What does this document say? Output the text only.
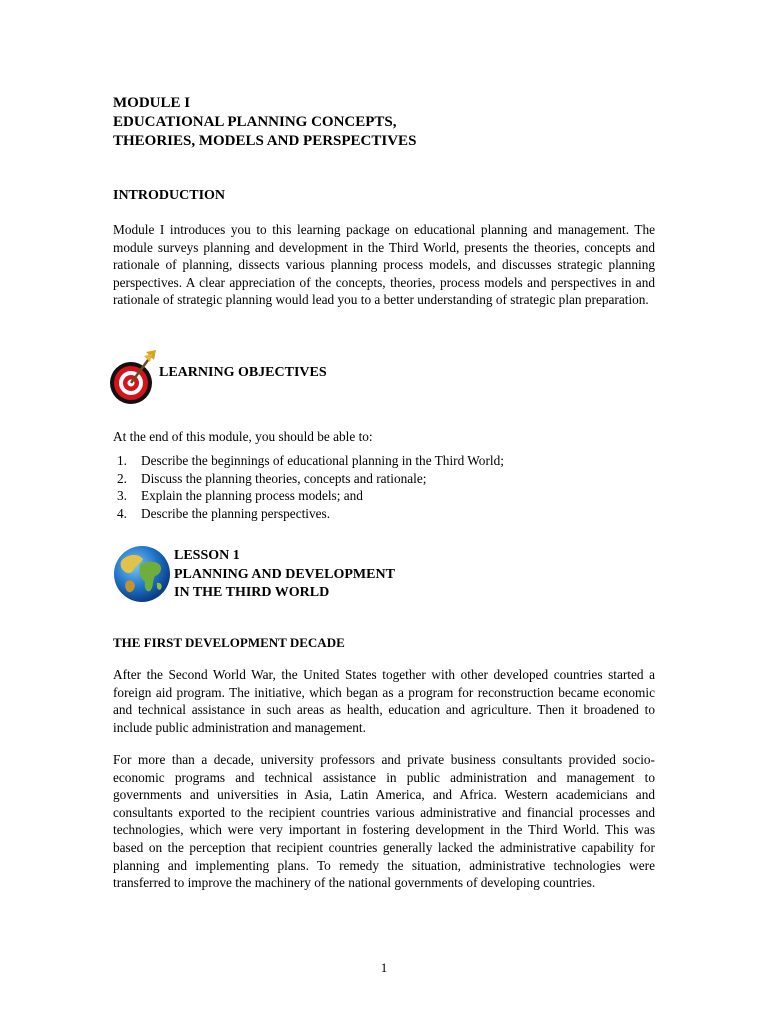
MODULE I
EDUCATIONAL PLANNING CONCEPTS,
THEORIES, MODELS AND PERSPECTIVES
INTRODUCTION

Module I introduces you to this learning package on educational planning and management. The module surveys planning and development in the Third World, presents the theories, concepts and rationale of planning, dissects various planning process models, and discusses strategic planning perspectives. A clear appreciation of the concepts, theories, process models and perspectives in and rationale of strategic planning would lead you to a better understanding of strategic plan preparation.

LEARNING OBJECTIVES

At the end of this module, you should be able to:

1. Describe the beginnings of educational planning in the Third World;
2. Discuss the planning theories, concepts and rationale;
3. Explain the planning process models; and
4. Describe the planning perspectives.
LESSON 1
PLANNING AND DEVELOPMENT
IN THE THIRD WORLD
THE FIRST DEVELOPMENT DECADE

After the Second World War, the United States together with other developed countries started a foreign aid program. The initiative, which began as a program for reconstruction became economic and technical assistance in such areas as health, education and agriculture. Then it broadened to include public administration and management.

For more than a decade, university professors and private business consultants provided socio-economic programs and technical assistance in public administration and management to governments and universities in Asia, Latin America, and Africa. Western academicians and consultants exported to the recipient countries various administrative and financial processes and technologies, which were very important in fostering development in the Third World. This was based on the perception that recipient countries generally lacked the administrative capability for planning and implementing plans. To remedy the situation, administrative technologies were transferred to improve the machinery of the national governments of developing countries.

1
